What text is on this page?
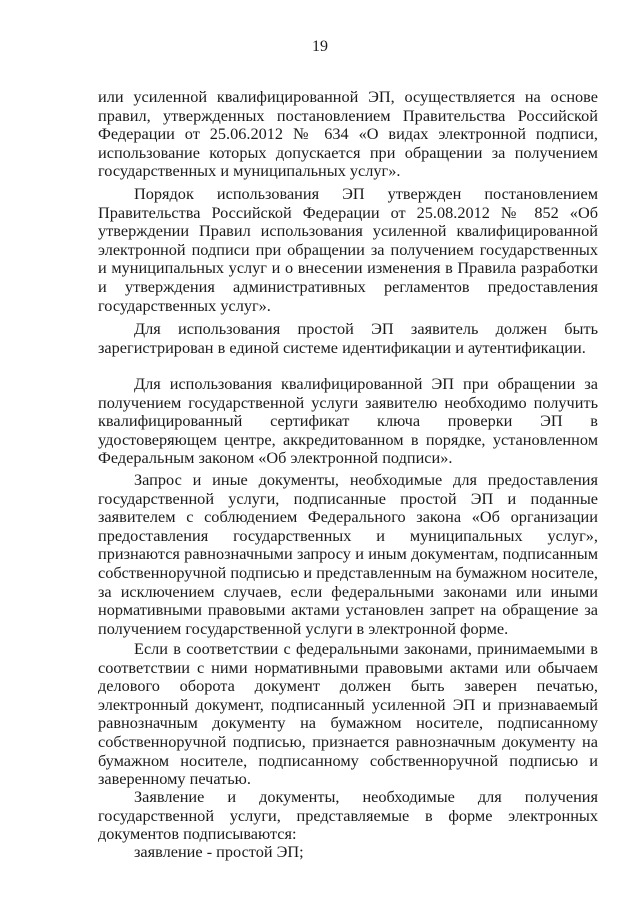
19

или усиленной квалифицированной ЭП, осуществляется на основе правил, утвержденных постановлением Правительства Российской Федерации от 25.06.2012 № 634 «О видах электронной подписи, использование которых допускается при обращении за получением государственных и муниципальных услуг».

Порядок использования ЭП утвержден постановлением Правительства Российской Федерации от 25.08.2012 № 852 «Об утверждении Правил использования усиленной квалифицированной электронной подписи при обращении за получением государственных и муниципальных услуг и о внесении изменения в Правила разработки и утверждения административных регламентов предоставления государственных услуг».

Для использования простой ЭП заявитель должен быть зарегистрирован в единой системе идентификации и аутентификации.

Для использования квалифицированной ЭП при обращении за получением государственной услуги заявителю необходимо получить квалифицированный сертификат ключа проверки ЭП в удостоверяющем центре, аккредитованном в порядке, установленном Федеральным законом «Об электронной подписи».

Запрос и иные документы, необходимые для предоставления государственной услуги, подписанные простой ЭП и поданные заявителем с соблюдением Федерального закона «Об организации предоставления государственных и муниципальных услуг», признаются равнозначными запросу и иным документам, подписанным собственноручной подписью и представленным на бумажном носителе, за исключением случаев, если федеральными законами или иными нормативными правовыми актами установлен запрет на обращение за получением государственной услуги в электронной форме.

Если в соответствии с федеральными законами, принимаемыми в соответствии с ними нормативными правовыми актами или обычаем делового оборота документ должен быть заверен печатью, электронный документ, подписанный усиленной ЭП и признаваемый равнозначным документу на бумажном носителе, подписанному собственноручной подписью, признается равнозначным документу на бумажном носителе, подписанному собственноручной подписью и заверенному печатью.

Заявление и документы, необходимые для получения государственной услуги, представляемые в форме электронных документов подписываются:

заявление - простой ЭП;
